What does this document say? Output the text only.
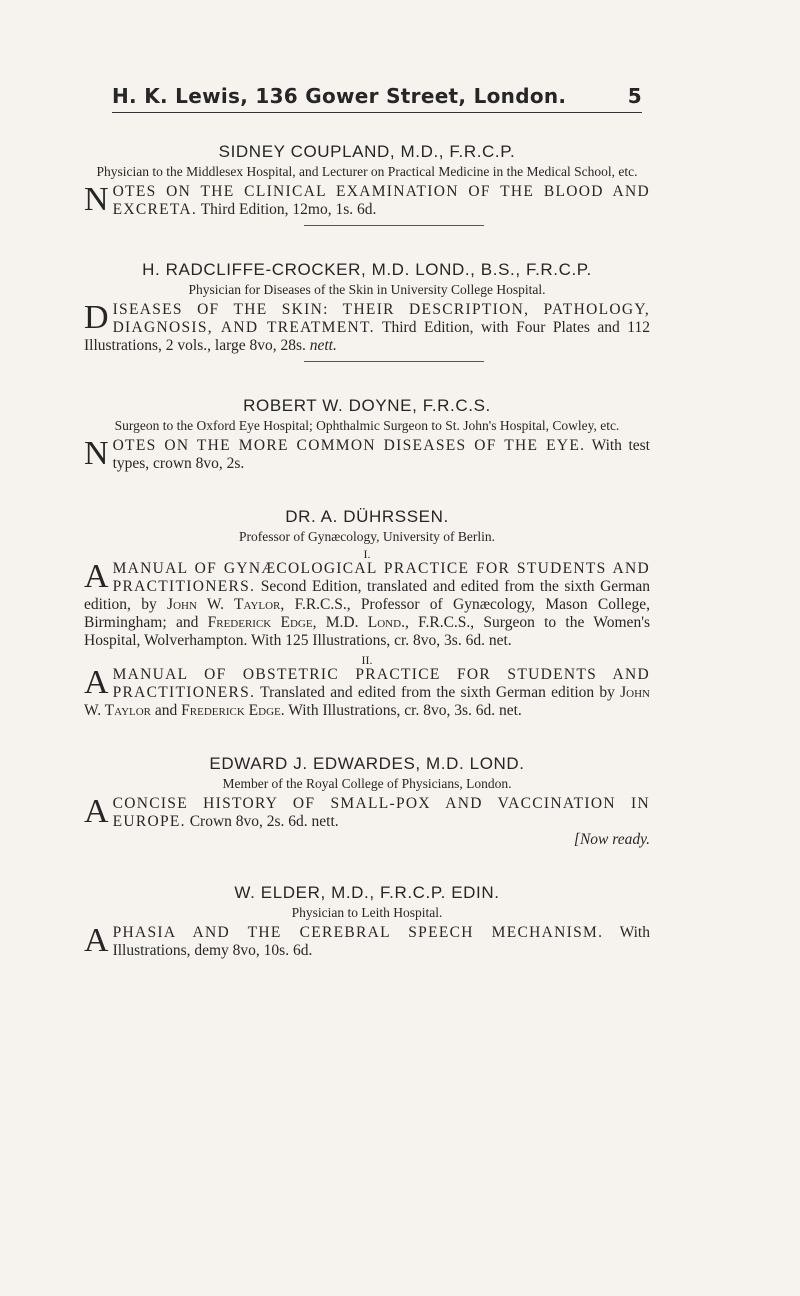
H. K. Lewis, 136 Gower Street, London.	5

SIDNEY COUPLAND, M.D., F.R.C.P.

Physician to the Middlesex Hospital, and Lecturer on Practical Medicine in the Medical School, etc.

NOTES ON THE CLINICAL EXAMINATION OF THE BLOOD AND EXCRETA. Third Edition, 12mo, 1s. 6d.

H. RADCLIFFE-CROCKER, M.D. LOND., B.S., F.R.C.P.

Physician for Diseases of the Skin in University College Hospital.

DISEASES OF THE SKIN: THEIR DESCRIPTION, PATHOLOGY, DIAGNOSIS, AND TREATMENT. Third Edition, with Four Plates and 112 Illustrations, 2 vols., large 8vo, 28s. nett.

ROBERT W. DOYNE, F.R.C.S.

Surgeon to the Oxford Eye Hospital; Ophthalmic Surgeon to St. John's Hospital, Cowley, etc.

NOTES ON THE MORE COMMON DISEASES OF THE EYE. With test types, crown 8vo, 2s.

DR. A. DÜHRSSEN.

Professor of Gynæcology, University of Berlin.

I.

AMANUAL OF GYNÆCOLOGICAL PRACTICE FOR STUDENTS AND PRACTITIONERS. Second Edition, translated and edited from the sixth German edition, by John W. Taylor, F.R.C.S., Professor of Gynæcology, Mason College, Birmingham; and Frederick Edge, M.D. Lond., F.R.C.S., Surgeon to the Women's Hospital, Wolverhampton. With 125 Illustrations, cr. 8vo, 3s. 6d. net.

II.

AMANUAL OF OBSTETRIC PRACTICE FOR STUDENTS AND PRACTITIONERS. Translated and edited from the sixth German edition by John W. Taylor and Frederick Edge. With Illustrations, cr. 8vo, 3s. 6d. net.

EDWARD J. EDWARDES, M.D. LOND.

Member of the Royal College of Physicians, London.

ACONCISE HISTORY OF SMALL-POX AND VACCINATION IN EUROPE. Crown 8vo, 2s. 6d. nett.

[Now ready.

W. ELDER, M.D., F.R.C.P. EDIN.

Physician to Leith Hospital.

APHASIA AND THE CEREBRAL SPEECH MECHANISM. With Illustrations, demy 8vo, 10s. 6d.
